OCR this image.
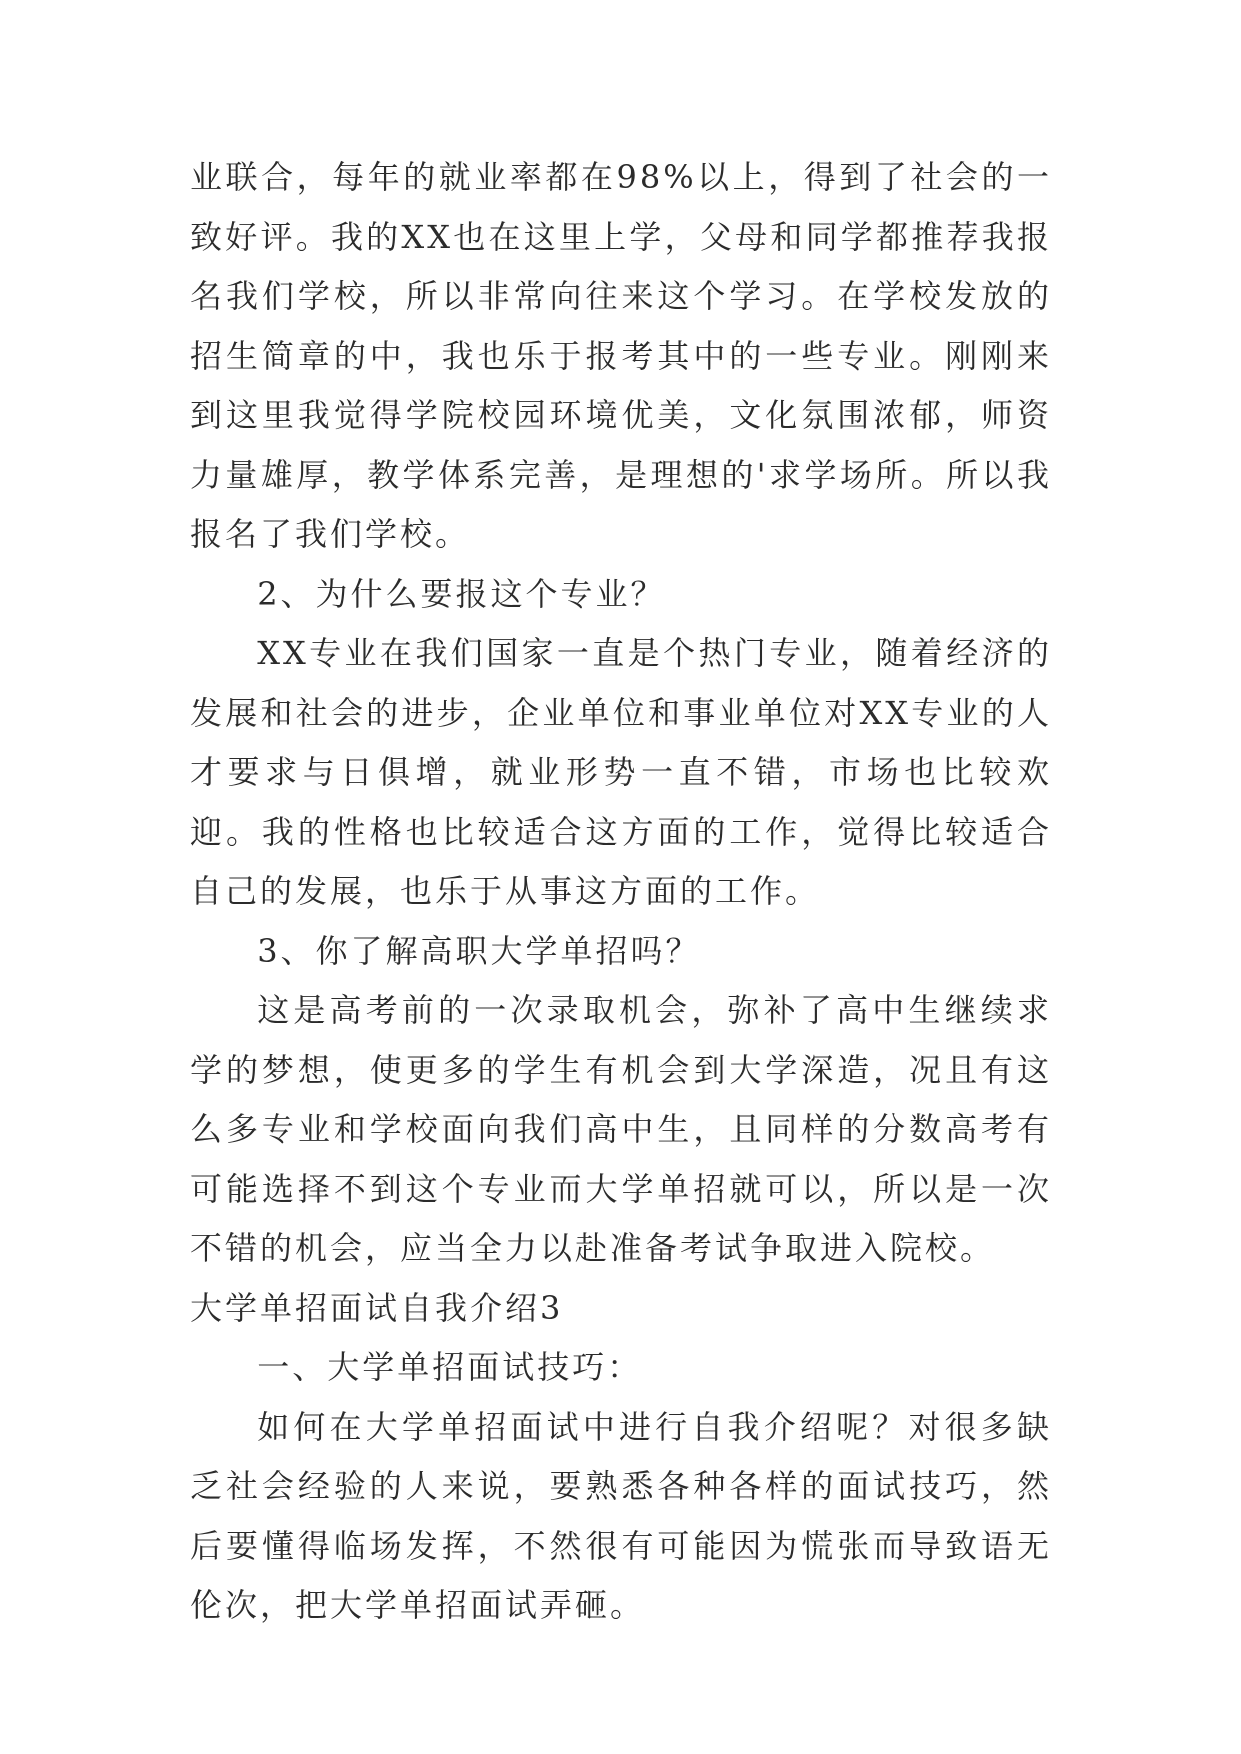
业联合，每年的就业率都在98%以上，得到了社会的一致好评。我的XX也在这里上学，父母和同学都推荐我报名我们学校，所以非常向往来这个学习。在学校发放的招生简章的中，我也乐于报考其中的一些专业。刚刚来到这里我觉得学院校园环境优美，文化氛围浓郁，师资力量雄厚，教学体系完善，是理想的'求学场所。所以我报名了我们学校。

2、为什么要报这个专业？

XX专业在我们国家一直是个热门专业，随着经济的发展和社会的进步，企业单位和事业单位对XX专业的人才要求与日俱增，就业形势一直不错，市场也比较欢迎。我的性格也比较适合这方面的工作，觉得比较适合自己的发展，也乐于从事这方面的工作。

3、你了解高职大学单招吗？

这是高考前的一次录取机会，弥补了高中生继续求学的梦想，使更多的学生有机会到大学深造，况且有这么多专业和学校面向我们高中生，且同样的分数高考有可能选择不到这个专业而大学单招就可以，所以是一次不错的机会，应当全力以赴准备考试争取进入院校。

大学单招面试自我介绍3

一、大学单招面试技巧：

如何在大学单招面试中进行自我介绍呢？对很多缺乏社会经验的人来说，要熟悉各种各样的面试技巧，然后要懂得临场发挥，不然很有可能因为慌张而导致语无伦次，把大学单招面试弄砸。
